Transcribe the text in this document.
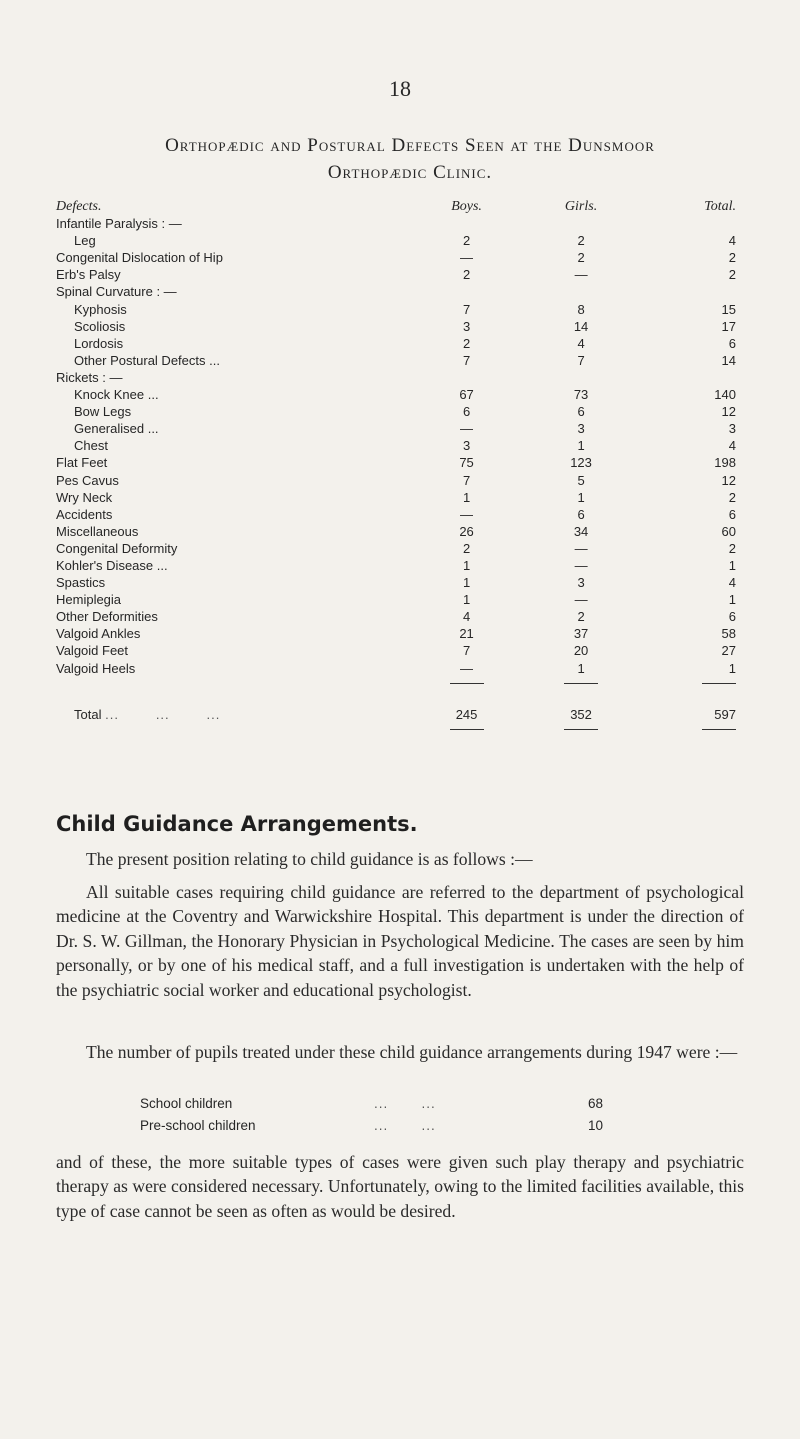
18
Orthopædic and Postural Defects Seen at the Dunsmoor
Orthopædic Clinic.
Defects.	Boys.	Girls.	Total.
Infantile Paralysis : —			
Leg	2	2	4
Congenital Dislocation of Hip	—	2	2
Erb's Palsy	2	—	2
Spinal Curvature : —			
Kyphosis	7	8	15
Scoliosis	3	14	17
Lordosis	2	4	6
Other Postural Defects ...	7	7	14
Rickets : —			
Knock Knee ...	67	73	140
Bow Legs	6	6	12
Generalised ...	—	3	3
Chest	3	1	4
Flat Feet	75	123	198
Pes Cavus	7	5	12
Wry Neck	1	1	2
Accidents	—	6	6
Miscellaneous	26	34	60
Congenital Deformity	2	—	2
Kohler's Disease ...	1	—	1
Spastics	1	3	4
Hemiplegia	1	—	1
Other Deformities	4	2	6
Valgoid Ankles	21	37	58
Valgoid Feet	7	20	27
Valgoid Heels	—	1	1

Total ...        ...        ...	245	352	597

Child Guidance Arrangements.
The present position relating to child guidance is as follows :—
All suitable cases requiring child guidance are referred to the department of psychological medicine at the Coventry and Warwickshire Hospital. This department is under the direction of Dr. S. W. Gillman, the Honorary Physician in Psychological Medicine. The cases are seen by him personally, or by one of his medical staff, and a full investigation is undertaken with the help of the psychiatric social worker and educational psychologist.
The number of pupils treated under these child guidance arrangements during 1947 were :—
School children	...       ...	68
Pre-school children	...       ...	10
and of these, the more suitable types of cases were given such play therapy and psychiatric therapy as were considered necessary. Unfortunately, owing to the limited facilities available, this type of case cannot be seen as often as would be desired.
